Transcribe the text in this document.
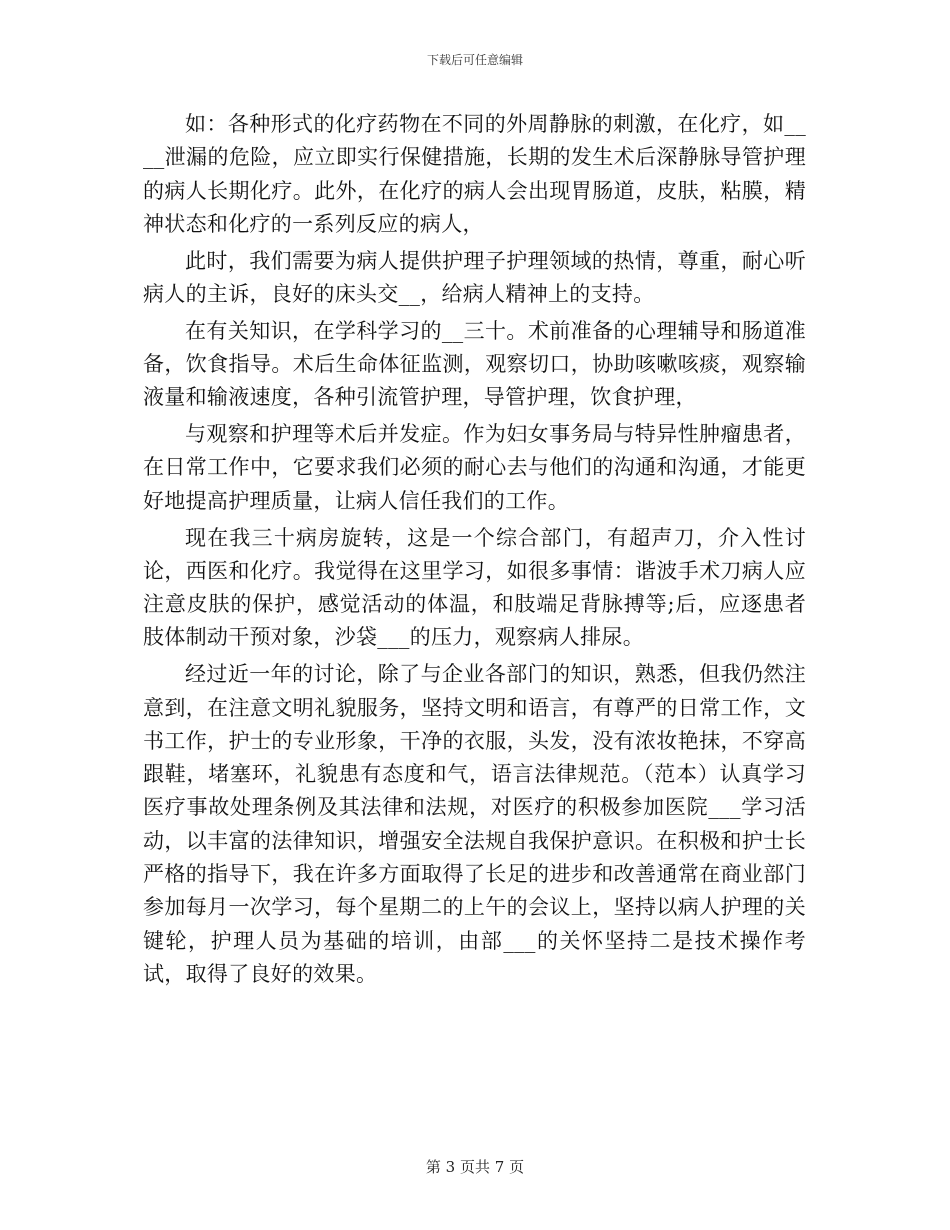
下载后可任意编辑

如：各种形式的化疗药物在不同的外周静脉的刺激，在化疗，如____泄漏的危险，应立即实行保健措施，长期的发生术后深静脉导管护理的病人长期化疗。此外，在化疗的病人会出现胃肠道，皮肤，粘膜，精神状态和化疗的一系列反应的病人，

此时，我们需要为病人提供护理子护理领域的热情，尊重，耐心听病人的主诉，良好的床头交__，给病人精神上的支持。

在有关知识，在学科学习的__三十。术前准备的心理辅导和肠道准备，饮食指导。术后生命体征监测，观察切口，协助咳嗽咳痰，观察输液量和输液速度，各种引流管护理，导管护理，饮食护理，

与观察和护理等术后并发症。作为妇女事务局与特异性肿瘤患者，在日常工作中，它要求我们必须的耐心去与他们的沟通和沟通，才能更好地提高护理质量，让病人信任我们的工作。

现在我三十病房旋转，这是一个综合部门，有超声刀，介入性讨论，西医和化疗。我觉得在这里学习，如很多事情：谐波手术刀病人应注意皮肤的保护，感觉活动的体温，和肢端足背脉搏等;后，应逐患者肢体制动干预对象，沙袋___的压力，观察病人排尿。

经过近一年的讨论，除了与企业各部门的知识，熟悉，但我仍然注意到，在注意文明礼貌服务，坚持文明和语言，有尊严的日常工作，文书工作，护士的专业形象，干净的衣服，头发，没有浓妆艳抹，不穿高跟鞋，堵塞环，礼貌患有态度和气，语言法律规范。（范本）认真学习医疗事故处理条例及其法律和法规，对医疗的积极参加医院___学习活动，以丰富的法律知识，增强安全法规自我保护意识。在积极和护士长严格的指导下，我在许多方面取得了长足的进步和改善通常在商业部门参加每月一次学习，每个星期二的上午的会议上，坚持以病人护理的关键轮，护理人员为基础的培训，由部___的关怀坚持二是技术操作考试，取得了良好的效果。

第 3 页共 7 页
